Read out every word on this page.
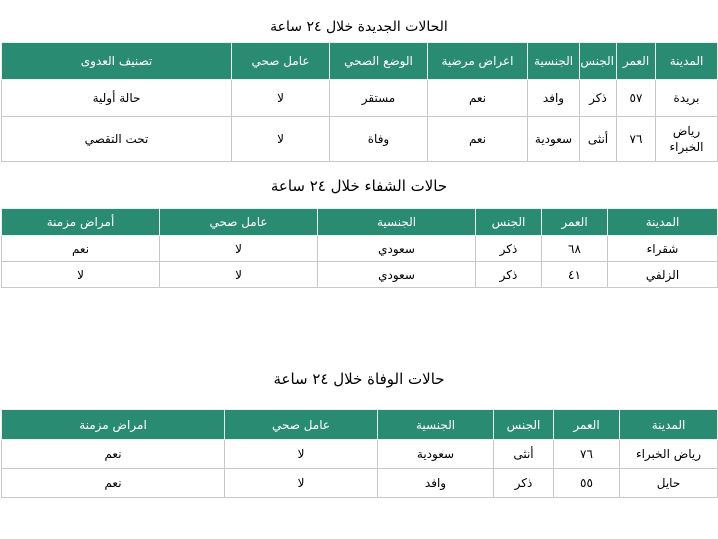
الحالات الجديدة خلال ٢٤ ساعة
المدينة	العمر	الجنس	الجنسية	اعراض مرضية	الوضع الصحي	عامل صحي	تصنيف العدوى
بريدة	٥٧	ذكر	وافد	نعم	مستقر	لا	حالة أولية
رياض الخبراء	٧٦	أنثى	سعودية	نعم	وفاة	لا	تحت التقصي
حالات الشفاء خلال ٢٤ ساعة
المدينة	العمر	الجنس	الجنسية	عامل صحي	أمراض مزمنة
شقراء	٦٨	ذكر	سعودي	لا	نعم
الزلفي	٤١	ذكر	سعودي	لا	لا
حالات الوفاة خلال ٢٤ ساعة
المدينة	العمر	الجنس	الجنسية	عامل صحي	امراض مزمنة
رياض الخبراء	٧٦	أنثى	سعودية	لا	نعم
حايل	٥٥	ذكر	وافد	لا	نعم
